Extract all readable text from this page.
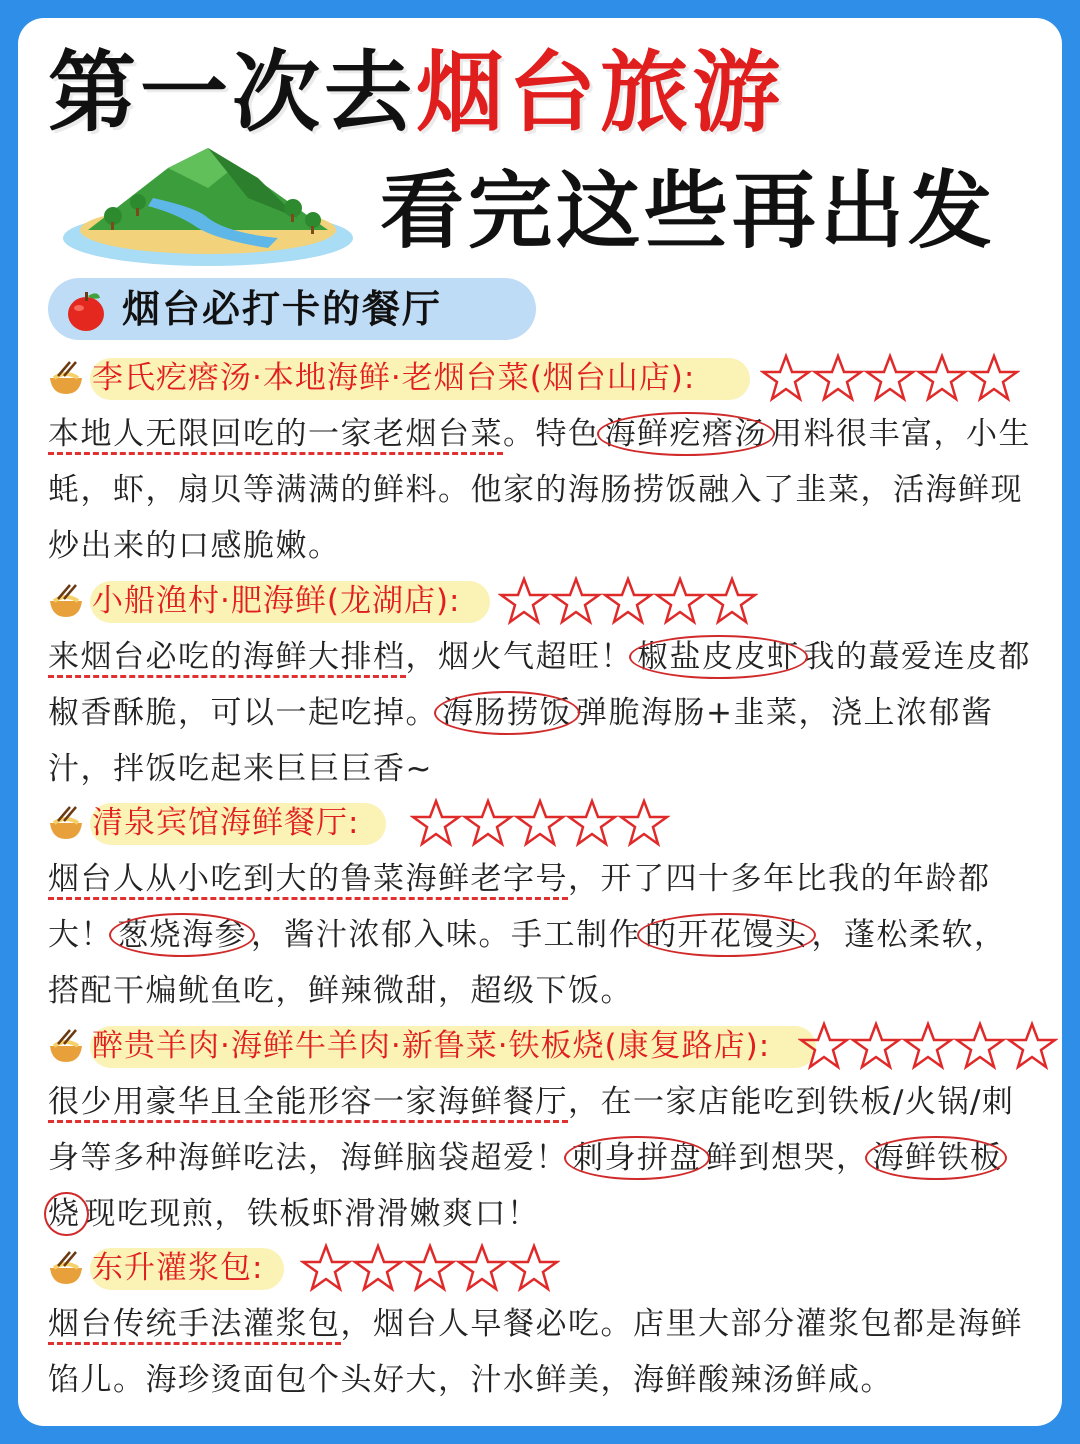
第一次去烟台旅游
看完这些再出发
烟台必打卡的餐厅
李氏疙瘩汤·本地海鲜·老烟台菜(烟台山店):
本地人无限回吃的一家老烟台菜。特色 海鲜疙瘩汤 用料很丰富，小生蚝，虾，扇贝等满满的鲜料。他家的海肠捞饭融入了韭菜，活海鲜现炒出来的口感脆嫩。
小船渔村·肥海鲜(龙湖店):
来烟台必吃的海鲜大排档，烟火气超旺！ 椒盐皮皮虾 我的蕞爱连皮都椒香酥脆，可以一起吃掉。 海肠捞饭 弹脆海肠+韭菜，浇上浓郁酱汁，拌饭吃起来巨巨巨香~
清泉宾馆海鲜餐厅:
烟台人从小吃到大的鲁菜海鲜老字号，开了四十多年比我的年龄都大！ 葱烧海参 ，酱汁浓郁入味。手工制作 的开花馒头 ，蓬松柔软，搭配干煸鱿鱼吃，鲜辣微甜，超级下饭。
醉贵羊肉·海鲜牛羊肉·新鲁菜·铁板烧(康复路店):
很少用豪华且全能形容一家海鲜餐厅，在一家店能吃到铁板/火锅/刺身等多种海鲜吃法，海鲜脑袋超爱！ 刺身拼盘 鲜到想哭， 海鲜铁板烧 现吃现煎，铁板虾滑滑嫩爽口！
东升灌浆包:
烟台传统手法灌浆包，烟台人早餐必吃。店里大部分灌浆包都是海鲜馅儿。海珍烫面包个头好大，汁水鲜美，海鲜酸辣汤鲜咸。
